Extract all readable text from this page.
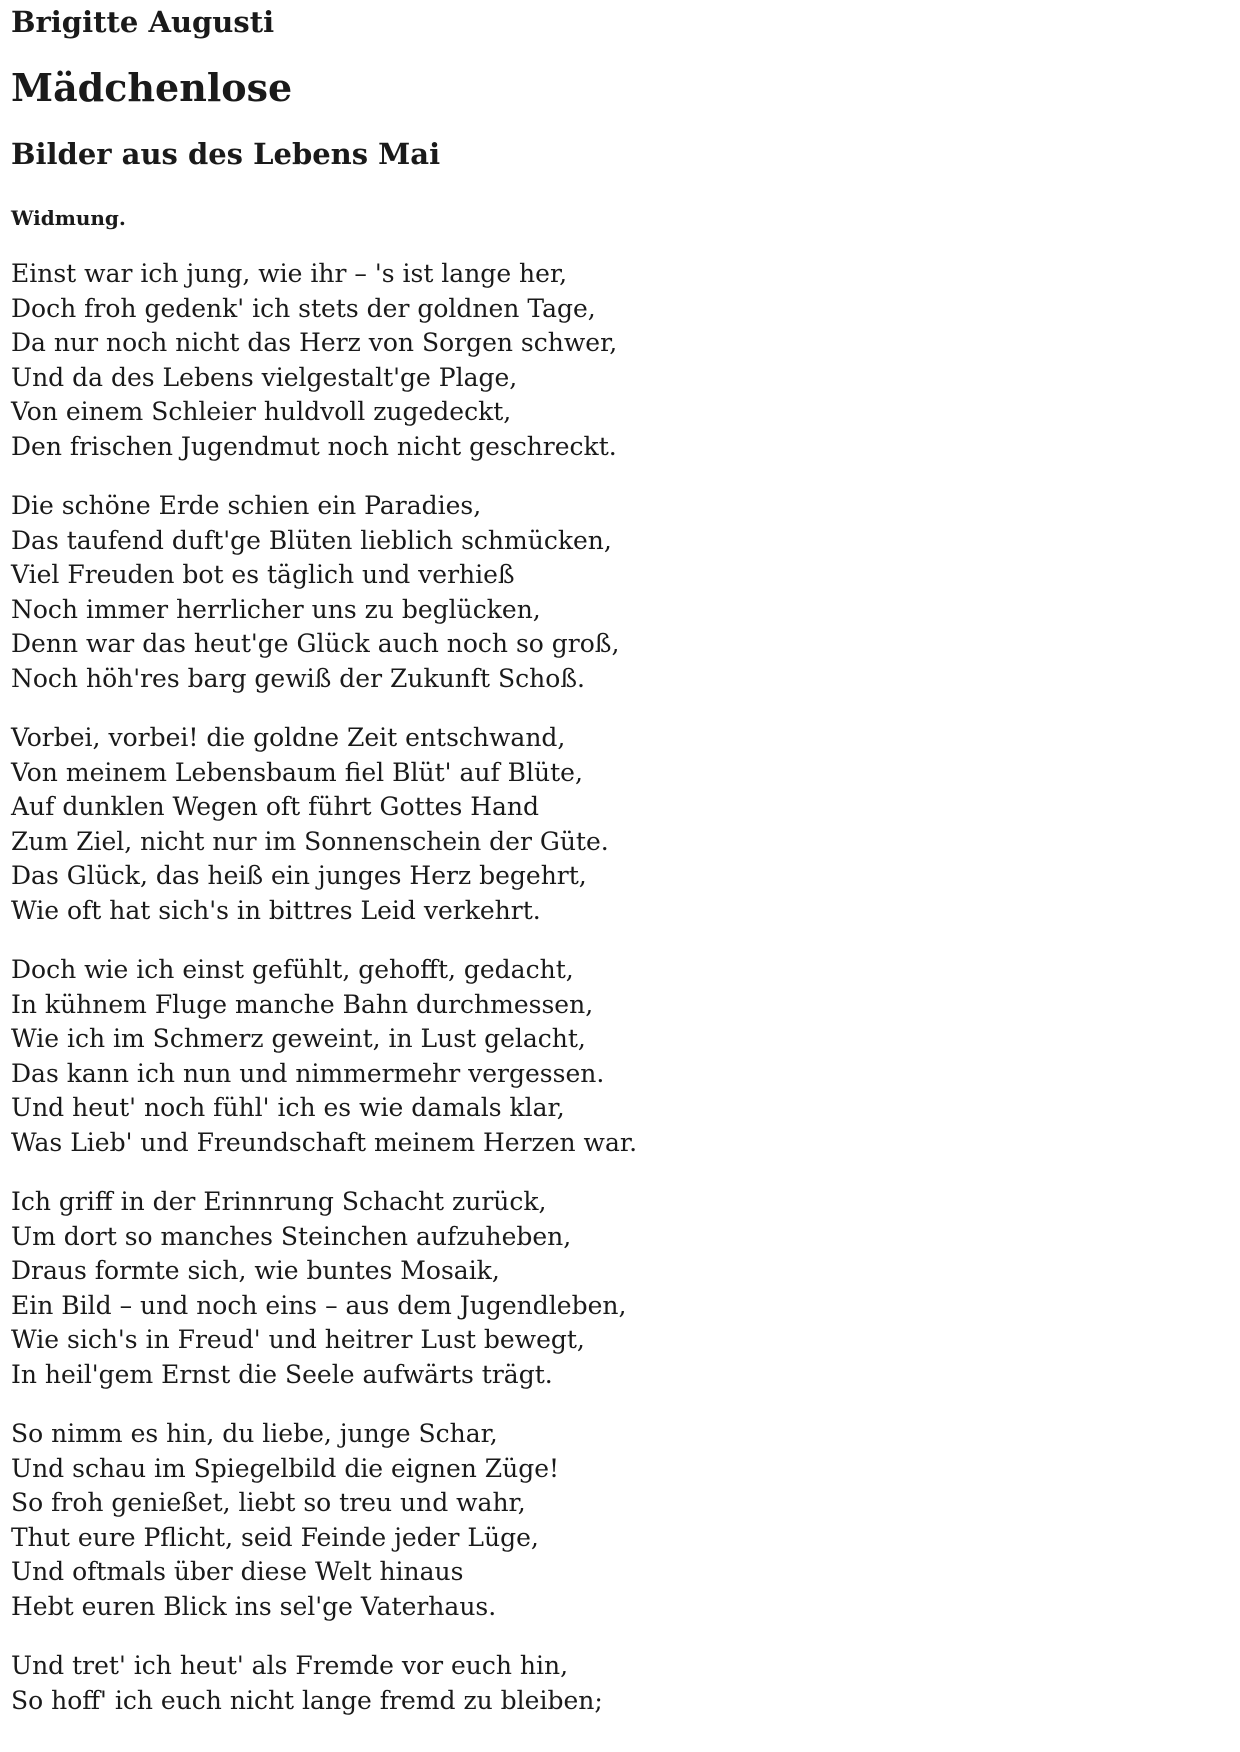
Brigitte Augusti
Mädchenlose
Bilder aus des Lebens Mai
Widmung.

Einst war ich jung, wie ihr – 's ist lange her,
Doch froh gedenk' ich stets der goldnen Tage,
Da nur noch nicht das Herz von Sorgen schwer,
Und da des Lebens vielgestalt'ge Plage,
Von einem Schleier huldvoll zugedeckt,
Den frischen Jugendmut noch nicht geschreckt.

Die schöne Erde schien ein Paradies,
Das taufend duft'ge Blüten lieblich schmücken,
Viel Freuden bot es täglich und verhieß
Noch immer herrlicher uns zu beglücken,
Denn war das heut'ge Glück auch noch so groß,
Noch höh'res barg gewiß der Zukunft Schoß.

Vorbei, vorbei! die goldne Zeit entschwand,
Von meinem Lebensbaum fiel Blüt' auf Blüte,
Auf dunklen Wegen oft führt Gottes Hand
Zum Ziel, nicht nur im Sonnenschein der Güte.
Das Glück, das heiß ein junges Herz begehrt,
Wie oft hat sich's in bittres Leid verkehrt.

Doch wie ich einst gefühlt, gehofft, gedacht,
In kühnem Fluge manche Bahn durchmessen,
Wie ich im Schmerz geweint, in Lust gelacht,
Das kann ich nun und nimmermehr vergessen.
Und heut' noch fühl' ich es wie damals klar,
Was Lieb' und Freundschaft meinem Herzen war.

Ich griff in der Erinnrung Schacht zurück,
Um dort so manches Steinchen aufzuheben,
Draus formte sich, wie buntes Mosaik,
Ein Bild – und noch eins – aus dem Jugendleben,
Wie sich's in Freud' und heitrer Lust bewegt,
In heil'gem Ernst die Seele aufwärts trägt.

So nimm es hin, du liebe, junge Schar,
Und schau im Spiegelbild die eignen Züge!
So froh genießet, liebt so treu und wahr,
Thut eure Pflicht, seid Feinde jeder Lüge,
Und oftmals über diese Welt hinaus
Hebt euren Blick ins sel'ge Vaterhaus.

Und tret' ich heut' als Fremde vor euch hin,
So hoff' ich euch nicht lange fremd zu bleiben;
